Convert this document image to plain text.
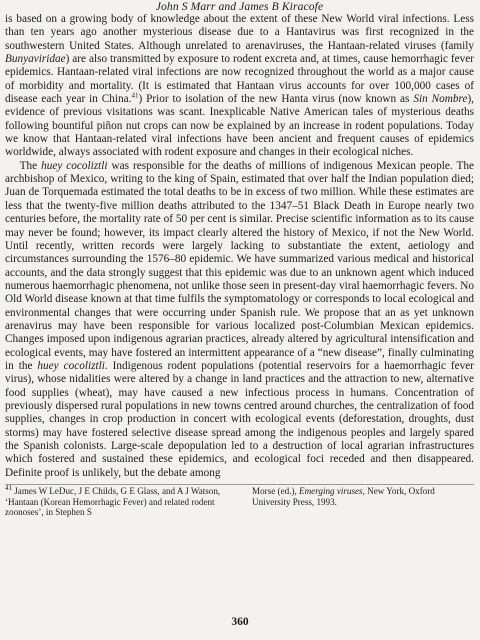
John S Marr and James B Kiracofe

is based on a growing body of knowledge about the extent of these New World viral infections. Less than ten years ago another mysterious disease due to a Hantavirus was first recognized in the southwestern United States. Although unrelated to arenaviruses, the Hantaan-related viruses (family Bunyaviridae) are also transmitted by exposure to rodent excreta and, at times, cause hemorrhagic fever epidemics. Hantaan-related viral infections are now recognized throughout the world as a major cause of morbidity and mortality. (It is estimated that Hantaan virus accounts for over 100,000 cases of disease each year in China.$^{41}$) Prior to isolation of the new Hanta virus (now known as Sin Nombre), evidence of previous visitations was scant. Inexplicable Native American tales of mysterious deaths following bountiful piñon nut crops can now be explained by an increase in rodent populations. Today we know that Hantaan-related viral infections have been ancient and frequent causes of epidemics worldwide, always associated with rodent exposure and changes in their ecological niches.

The huey cocoliztli was responsible for the deaths of millions of indigenous Mexican people. The archbishop of Mexico, writing to the king of Spain, estimated that over half the Indian population died; Juan de Torquemada estimated the total deaths to be in excess of two million. While these estimates are less that the twenty-five million deaths attributed to the 1347–51 Black Death in Europe nearly two centuries before, the mortality rate of 50 per cent is similar. Precise scientific information as to its cause may never be found; however, its impact clearly altered the history of Mexico, if not the New World. Until recently, written records were largely lacking to substantiate the extent, aetiology and circumstances surrounding the 1576–80 epidemic. We have summarized various medical and historical accounts, and the data strongly suggest that this epidemic was due to an unknown agent which induced numerous haemorrhagic phenomena, not unlike those seen in present-day viral haemorrhagic fevers. No Old World disease known at that time fulfils the symptomatology or corresponds to local ecological and environmental changes that were occurring under Spanish rule. We propose that an as yet unknown arenavirus may have been responsible for various localized post-Columbian Mexican epidemics. Changes imposed upon indigenous agrarian practices, already altered by agricultural intensification and ecological events, may have fostered an intermittent appearance of a “new disease”, finally culminating in the huey cocoliztli. Indigenous rodent populations (potential reservoirs for a haemorrhagic fever virus), whose nidalities were altered by a change in land practices and the attraction to new, alternative food supplies (wheat), may have caused a new infectious process in humans. Concentration of previously dispersed rural populations in new towns centred around churches, the centralization of food supplies, changes in crop production in concert with ecological events (deforestation, droughts, dust storms) may have fostered selective disease spread among the indigenous peoples and largely spared the Spanish colonists. Large-scale depopulation led to a destruction of local agrarian infrastructures which fostered and sustained these epidemics, and ecological foci receded and then disappeared. Definite proof is unlikely, but the debate among

$^{41}$ James W LeDuc, J E Childs, G E Glass, and A J Watson, ‘Hantaan (Korean Hemorrhagic Fever) and related rodent zoonoses’, in Stephen S
Morse (ed.), Emerging viruses, New York, Oxford University Press, 1993.
360
